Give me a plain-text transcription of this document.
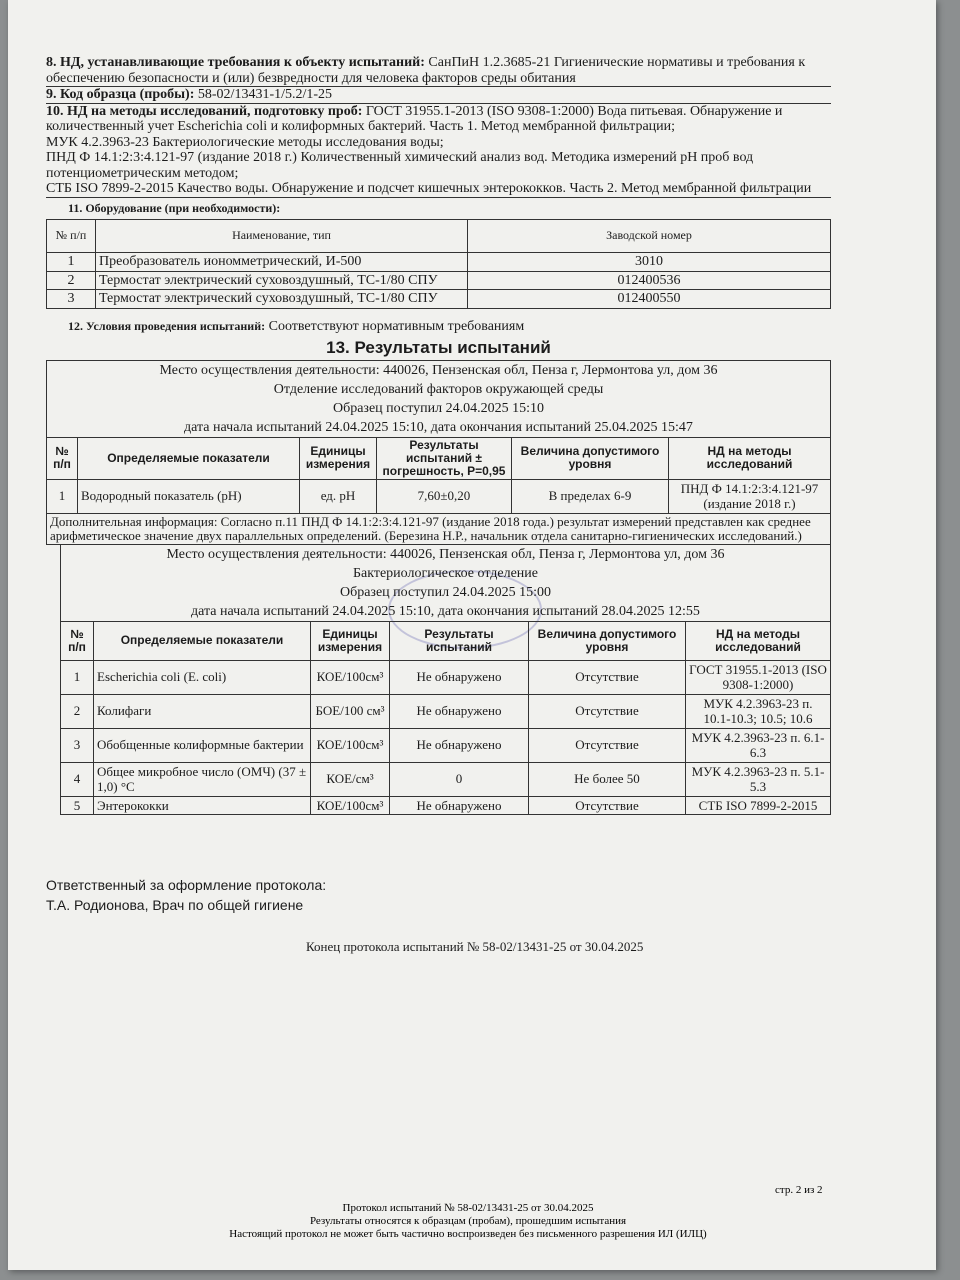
8. НД, устанавливающие требования к объекту испытаний: СанПиН 1.2.3685-21 Гигиенические нормативы и требования к обеспечению безопасности и (или) безвредности для человека факторов среды обитания
9. Код образца (пробы): 58-02/13431-1/5.2/1-25
10. НД на методы исследований, подготовку проб: ГОСТ 31955.1-2013 (ISO 9308-1:2000) Вода питьевая. Обнаружение и количественный учет Escherichia coli и колиформных бактерий. Часть 1. Метод мембранной фильтрации;
МУК 4.2.3963-23 Бактериологические методы исследования воды;
ПНД Ф 14.1:2:3:4.121-97 (издание 2018 г.) Количественный химический анализ вод. Методика измерений pH проб вод потенциометрическим методом;
СТБ ISO 7899-2-2015 Качество воды. Обнаружение и подсчет кишечных энтерококков. Часть 2. Метод мембранной фильтрации
11. Оборудование (при необходимости):
№ п/п	Наименование, тип	Заводской номер
1	Преобразователь иономметрический, И-500	3010
2	Термостат электрический суховоздушный, ТС-1/80 СПУ	012400536
3	Термостат электрический суховоздушный, ТС-1/80 СПУ	012400550
12. Условия проведения испытаний: Соответствуют нормативным требованиям
13. Результаты испытаний
Место осуществления деятельности: 440026, Пензенская обл, Пенза г, Лермонтова ул, дом 36
Отделение исследований факторов окружающей среды
Образец поступил 24.04.2025 15:10
дата начала испытаний 24.04.2025 15:10, дата окончания испытаний 25.04.2025 15:47
№ п/п	Определяемые показатели	Единицы измерения	Результаты испытаний ± погрешность, P=0,95	Величина допустимого уровня	НД на методы исследований
1	Водородный показатель (pH)	ед. pH	7,60±0,20	В пределах 6-9	ПНД Ф 14.1:2:3:4.121-97 (издание 2018 г.)
Дополнительная информация: Согласно п.11 ПНД Ф 14.1:2:3:4.121-97 (издание 2018 года.) результат измерений представлен как среднее арифметическое значение двух параллельных определений. (Березина Н.Р., начальник отдела санитарно-гигиенических исследований.)					
Место осуществления деятельности: 440026, Пензенская обл, Пенза г, Лермонтова ул, дом 36
Бактериологическое отделение
Образец поступил 24.04.2025 15:00
дата начала испытаний 24.04.2025 15:10, дата окончания испытаний 28.04.2025 12:55
№ п/п	Определяемые показатели	Единицы измерения	Результаты испытаний	Величина допустимого уровня	НД на методы исследований
1	Escherichia coli (E. coli)	КОЕ/100см³	Не обнаружено	Отсутствие	ГОСТ 31955.1-2013 (ISO 9308-1:2000)
2	Колифаги	БОЕ/100 см³	Не обнаружено	Отсутствие	МУК 4.2.3963-23 п. 10.1-10.3; 10.5; 10.6
3	Обобщенные колиформные бактерии	КОЕ/100см³	Не обнаружено	Отсутствие	МУК 4.2.3963-23 п. 6.1-6.3
4	Общее микробное число (ОМЧ) (37 ± 1,0) °С	КОЕ/см³	0	Не более 50	МУК 4.2.3963-23 п. 5.1-5.3
5	Энтерококки	КОЕ/100см³	Не обнаружено	Отсутствие	СТБ ISO 7899-2-2015
Ответственный за оформление протокола:
Т.А. Родионова, Врач по общей гигиене
Конец протокола испытаний № 58-02/13431-25 от 30.04.2025
стр. 2 из 2
Протокол испытаний № 58-02/13431-25 от 30.04.2025
Результаты относятся к образцам (пробам), прошедшим испытания
Настоящий протокол не может быть частично воспроизведен без письменного разрешения ИЛ (ИЛЦ)
